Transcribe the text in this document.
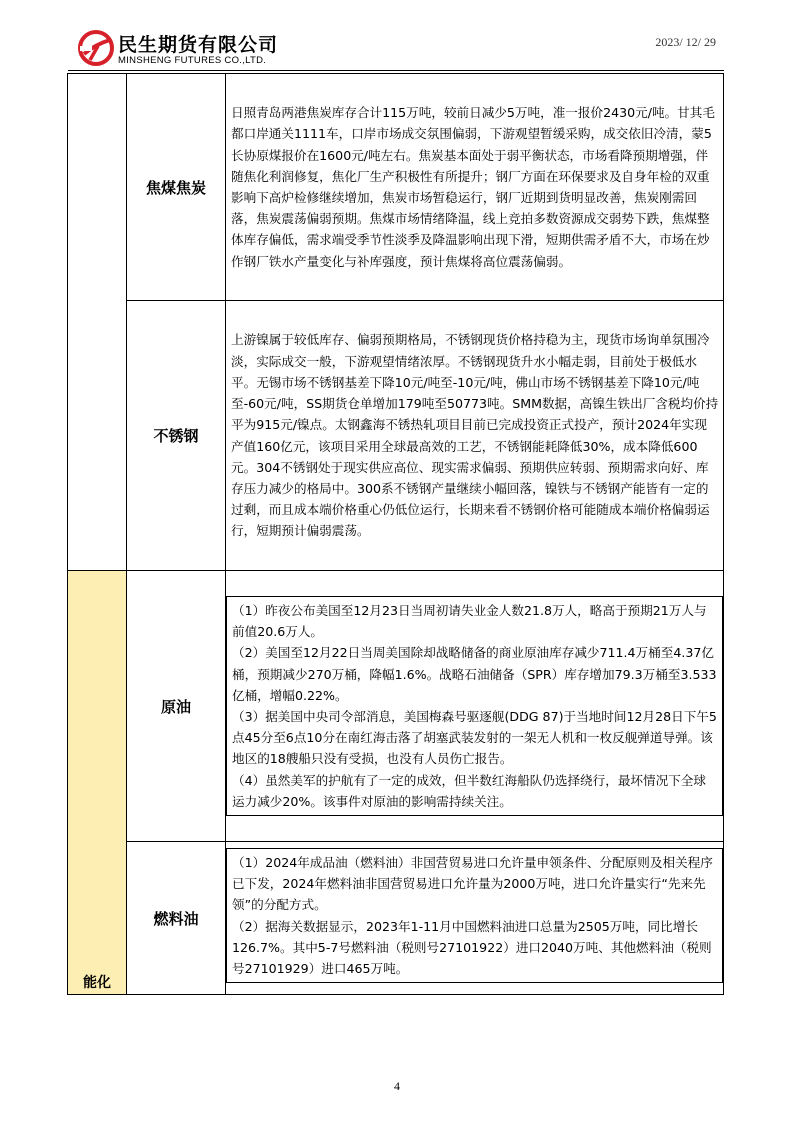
民生期货有限公司
MINSHENG FUTURES CO.,LTD.
2023/ 12/ 29
	焦煤焦炭	日照青岛两港焦炭库存合计115万吨，较前日减少5万吨，准一报价2430元/吨。甘其毛都口岸通关1111车，口岸市场成交氛围偏弱，下游观望暂缓采购，成交依旧冷清，蒙5长协原煤报价在1600元/吨左右。焦炭基本面处于弱平衡状态，市场看降预期增强，伴随焦化利润修复，焦化厂生产积极性有所提升；钢厂方面在环保要求及自身年检的双重影响下高炉检修继续增加，焦炭市场暂稳运行，钢厂近期到货明显改善，焦炭刚需回落，焦炭震荡偏弱预期。焦煤市场情绪降温，线上竞拍多数资源成交弱势下跌，焦煤整体库存偏低，需求端受季节性淡季及降温影响出现下滑，短期供需矛盾不大，市场在炒作钢厂铁水产量变化与补库强度，预计焦煤将高位震荡偏弱。

	不锈钢	上游镍属于较低库存、偏弱预期格局，不锈钢现货价格持稳为主，现货市场询单氛围冷淡，实际成交一般，下游观望情绪浓厚。不锈钢现货升水小幅走弱，目前处于极低水平。无锡市场不锈钢基差下降10元/吨至-10元/吨，佛山市场不锈钢基差下降10元/吨至-60元/吨，SS期货仓单增加179吨至50773吨。SMM数据，高镍生铁出厂含税均价持平为915元/镍点。太钢鑫海不锈热轧项目目前已完成投资正式投产，预计2024年实现产值160亿元，该项目采用全球最高效的工艺，不锈钢能耗降低30%，成本降低600元。304不锈钢处于现实供应高位、现实需求偏弱、预期供应转弱、预期需求向好、库存压力减少的格局中。300系不锈钢产量继续小幅回落，镍铁与不锈钢产能皆有一定的过剩，而且成本端价格重心仍低位运行，长期来看不锈钢价格可能随成本端价格偏弱运行，短期预计偏弱震荡。

能化	原油	（1）昨夜公布美国至12月23日当周初请失业金人数21.8万人，略高于预期21万人与前值20.6万人。

（2）美国至12月22日当周美国除却战略储备的商业原油库存减少711.4万桶至4.37亿桶，预期减少270万桶，降幅1.6%。战略石油储备（SPR）库存增加79.3万桶至3.533亿桶，增幅0.22%。

（3）据美国中央司令部消息，美国梅森号驱逐舰(DDG 87)于当地时间12月28日下午5点45分至6点10分在南红海击落了胡塞武装发射的一架无人机和一枚反舰弹道导弹。该地区的18艘船只没有受损，也没有人员伤亡报告。

（4）虽然美军的护航有了一定的成效，但半数红海船队仍选择绕行，最坏情况下全球运力减少20%。该事件对原油的影响需持续关注。

	燃料油	（1）2024年成品油（燃料油）非国营贸易进口允许量申领条件、分配原则及相关程序已下发，2024年燃料油非国营贸易进口允许量为2000万吨，进口允许量实行“先来先领”的分配方式。

（2）据海关数据显示，2023年1-11月中国燃料油进口总量为2505万吨，同比增长126.7%。其中5-7号燃料油（税则号27101922）进口2040万吨、其他燃料油（税则号27101929）进口465万吨。

4
